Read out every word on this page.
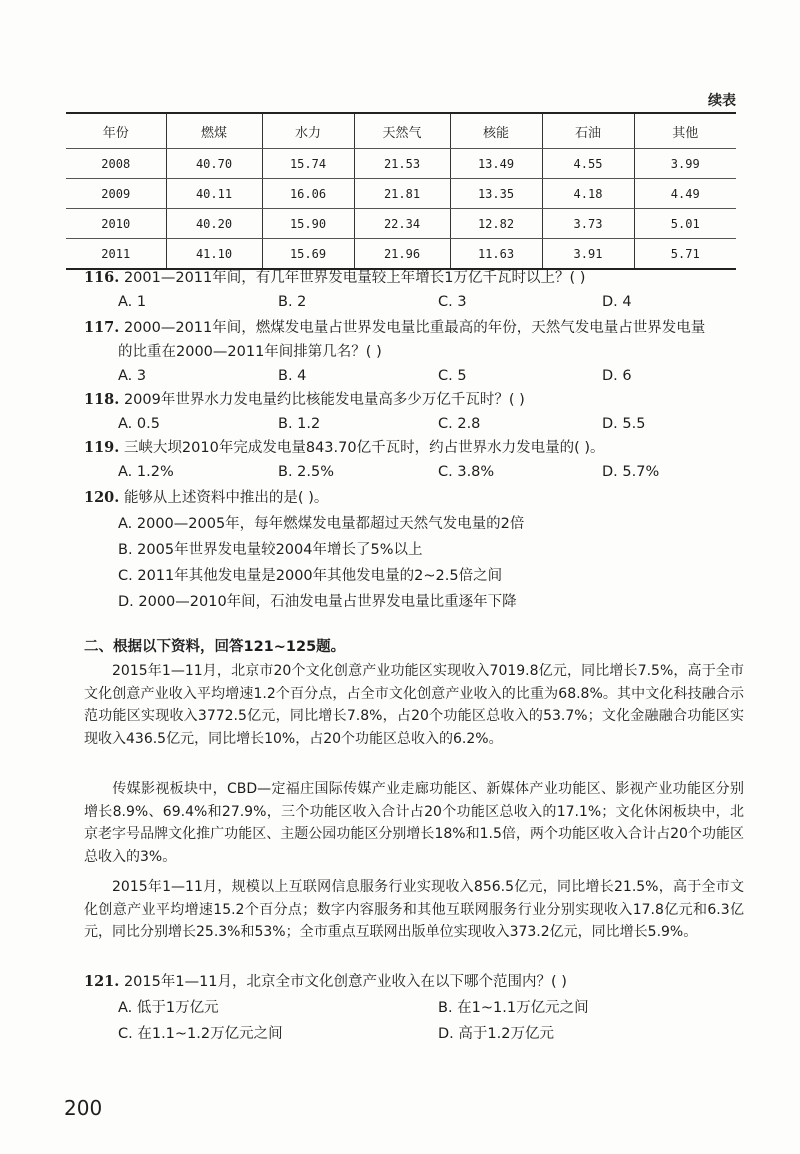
续表
年份	燃煤	水力	天然气	核能	石油	其他
2008	40.70	15.74	21.53	13.49	4.55	3.99
2009	40.11	16.06	21.81	13.35	4.18	4.49
2010	40.20	15.90	22.34	12.82	3.73	5.01
2011	41.10	15.69	21.96	11.63	3.91	5.71
116. 2001—2011年间，有几年世界发电量较上年增长1万亿千瓦时以上？( )
A. 1	B. 2	C. 3	D. 4
117. 2000—2011年间，燃煤发电量占世界发电量比重最高的年份，天然气发电量占世界发电量
的比重在2000—2011年间排第几名？( )
A. 3	B. 4	C. 5	D. 6
118. 2009年世界水力发电量约比核能发电量高多少万亿千瓦时？( )
A. 0.5	B. 1.2	C. 2.8	D. 5.5
119. 三峡大坝2010年完成发电量843.70亿千瓦时，约占世界水力发电量的( )。
A. 1.2%	B. 2.5%	C. 3.8%	D. 5.7%
120. 能够从上述资料中推出的是( )。
A. 2000—2005年，每年燃煤发电量都超过天然气发电量的2倍
B. 2005年世界发电量较2004年增长了5%以上
C. 2011年其他发电量是2000年其他发电量的2~2.5倍之间
D. 2000—2010年间，石油发电量占世界发电量比重逐年下降
二、根据以下资料，回答121~125题。
2015年1—11月，北京市20个文化创意产业功能区实现收入7019.8亿元，同比增长7.5%，高于全市文化创意产业收入平均增速1.2个百分点，占全市文化创意产业收入的比重为68.8%。其中文化科技融合示范功能区实现收入3772.5亿元，同比增长7.8%，占20个功能区总收入的53.7%；文化金融融合功能区实现收入436.5亿元，同比增长10%，占20个功能区总收入的6.2%。
传媒影视板块中，CBD—定福庄国际传媒产业走廊功能区、新媒体产业功能区、影视产业功能区分别增长8.9%、69.4%和27.9%，三个功能区收入合计占20个功能区总收入的17.1%；文化休闲板块中，北京老字号品牌文化推广功能区、主题公园功能区分别增长18%和1.5倍，两个功能区收入合计占20个功能区总收入的3%。
2015年1—11月，规模以上互联网信息服务行业实现收入856.5亿元，同比增长21.5%，高于全市文化创意产业平均增速15.2个百分点；数字内容服务和其他互联网服务行业分别实现收入17.8亿元和6.3亿元，同比分别增长25.3%和53%；全市重点互联网出版单位实现收入373.2亿元，同比增长5.9%。
121. 2015年1—11月，北京全市文化创意产业收入在以下哪个范围内？( )
A. 低于1万亿元	B. 在1~1.1万亿元之间
C. 在1.1~1.2万亿元之间	D. 高于1.2万亿元
200
